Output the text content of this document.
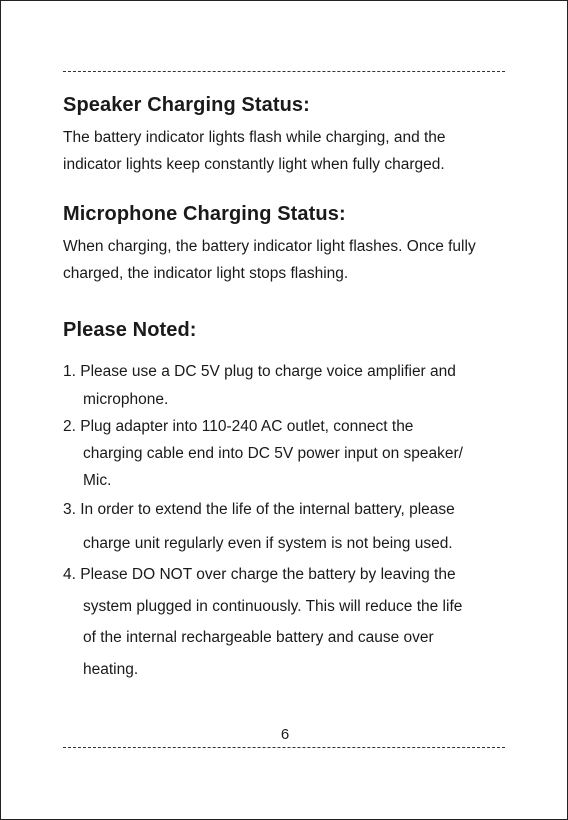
Speaker Charging Status:
The battery indicator lights flash while charging, and the
indicator lights keep constantly light when fully charged.
Microphone Charging Status:
When charging, the battery indicator light flashes. Once fully
charged, the indicator light stops flashing.
Please Noted:
1. Please use a DC 5V plug to charge voice amplifier and
microphone.
2. Plug adapter into 110-240 AC outlet, connect the
charging cable end into DC 5V power input on speaker/
Mic.
3. In order to extend the life of the internal battery, please
charge unit regularly even if system is not being used.
4. Please DO NOT over charge the battery by leaving the
system plugged in continuously. This will reduce the life
of the internal rechargeable battery and cause over
heating.
6
